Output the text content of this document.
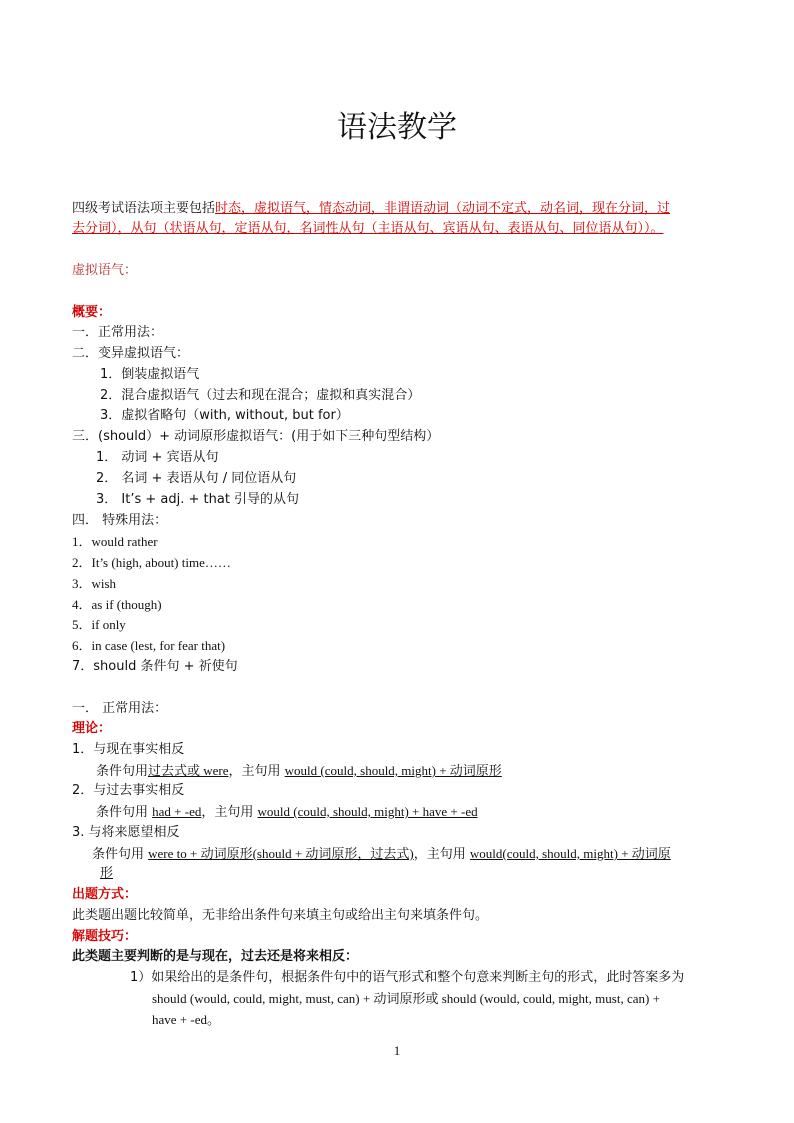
语法教学
四级考试语法项主要包括时态，虚拟语气，情态动词，非谓语动词（动词不定式，动名词，现在分词，过
去分词），从句（状语从句，定语从句，名词性从句（主语从句、宾语从句、表语从句、同位语从句））。
虚拟语气：
概要：
一．正常用法：
二．变异虚拟语气：
1．倒装虚拟语气
2．混合虚拟语气（过去和现在混合；虚拟和真实混合）
3．虚拟省略句（with, without, but for）
三．(should）+ 动词原形虚拟语气：(用于如下三种句型结构）
1． 动词 + 宾语从句
2． 名词 + 表语从句 / 同位语从句
3． It’s + adj. + that 引导的从句
四． 特殊用法：
1．would rather
2．It’s (high, about) time……
3．wish
4．as if (though)
5．if only
6．in case (lest, for fear that)
7．should 条件句 + 祈使句
一． 正常用法：
理论：
1．与现在事实相反
条件句用过去式或 were，主句用 would (could, should, might) + 动词原形
2．与过去事实相反
条件句用 had + -ed，主句用 would (could, should, might) + have + -ed
3. 与将来愿望相反
条件句用 were to + 动词原形(should + 动词原形，过去式)，主句用 would(could, should, might) + 动词原
形
出题方式：
此类题出题比较简单，无非给出条件句来填主句或给出主句来填条件句。
解题技巧：
此类题主要判断的是与现在，过去还是将来相反：
1）如果给出的是条件句，根据条件句中的语气形式和整个句意来判断主句的形式，此时答案多为
should (would, could, might, must, can) + 动词原形或 should (would, could, might, must, can) +
have + -ed。
1
